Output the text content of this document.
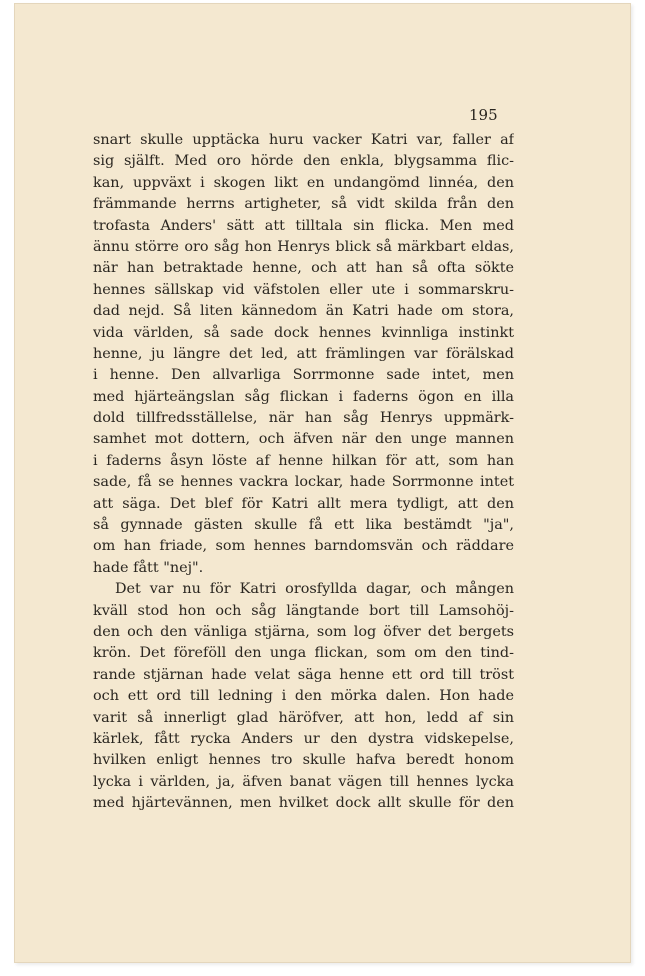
195
snart skulle upptäcka huru vacker Katri var, faller af
sig själft. Med oro hörde den enkla, blygsamma flic-
kan, uppväxt i skogen likt en undangömd linnéa, den
främmande herrns artigheter, så vidt skilda från den
trofasta Anders' sätt att tilltala sin flicka. Men med
ännu större oro såg hon Henrys blick så märkbart eldas,
när han betraktade henne, och att han så ofta sökte
hennes sällskap vid väfstolen eller ute i sommarskru-
dad nejd. Så liten kännedom än Katri hade om stora,
vida världen, så sade dock hennes kvinnliga instinkt
henne, ju längre det led, att främlingen var förälskad
i henne. Den allvarliga Sorrmonne sade intet, men
med hjärteängslan såg flickan i faderns ögon en illa
dold tillfredsställelse, när han såg Henrys uppmärk-
samhet mot dottern, och äfven när den unge mannen
i faderns åsyn löste af henne hilkan för att, som han
sade, få se hennes vackra lockar, hade Sorrmonne intet
att säga. Det blef för Katri allt mera tydligt, att den
så gynnade gästen skulle få ett lika bestämdt "ja",
om han friade, som hennes barndomsvän och räddare
hade fått "nej".
Det var nu för Katri orosfyllda dagar, och mången
kväll stod hon och såg längtande bort till Lamsohöj-
den och den vänliga stjärna, som log öfver det bergets
krön. Det föreföll den unga flickan, som om den tind-
rande stjärnan hade velat säga henne ett ord till tröst
och ett ord till ledning i den mörka dalen. Hon hade
varit så innerligt glad häröfver, att hon, ledd af sin
kärlek, fått rycka Anders ur den dystra vidskepelse,
hvilken enligt hennes tro skulle hafva beredt honom
lycka i världen, ja, äfven banat vägen till hennes lycka
med hjärtevännen, men hvilket dock allt skulle för den
